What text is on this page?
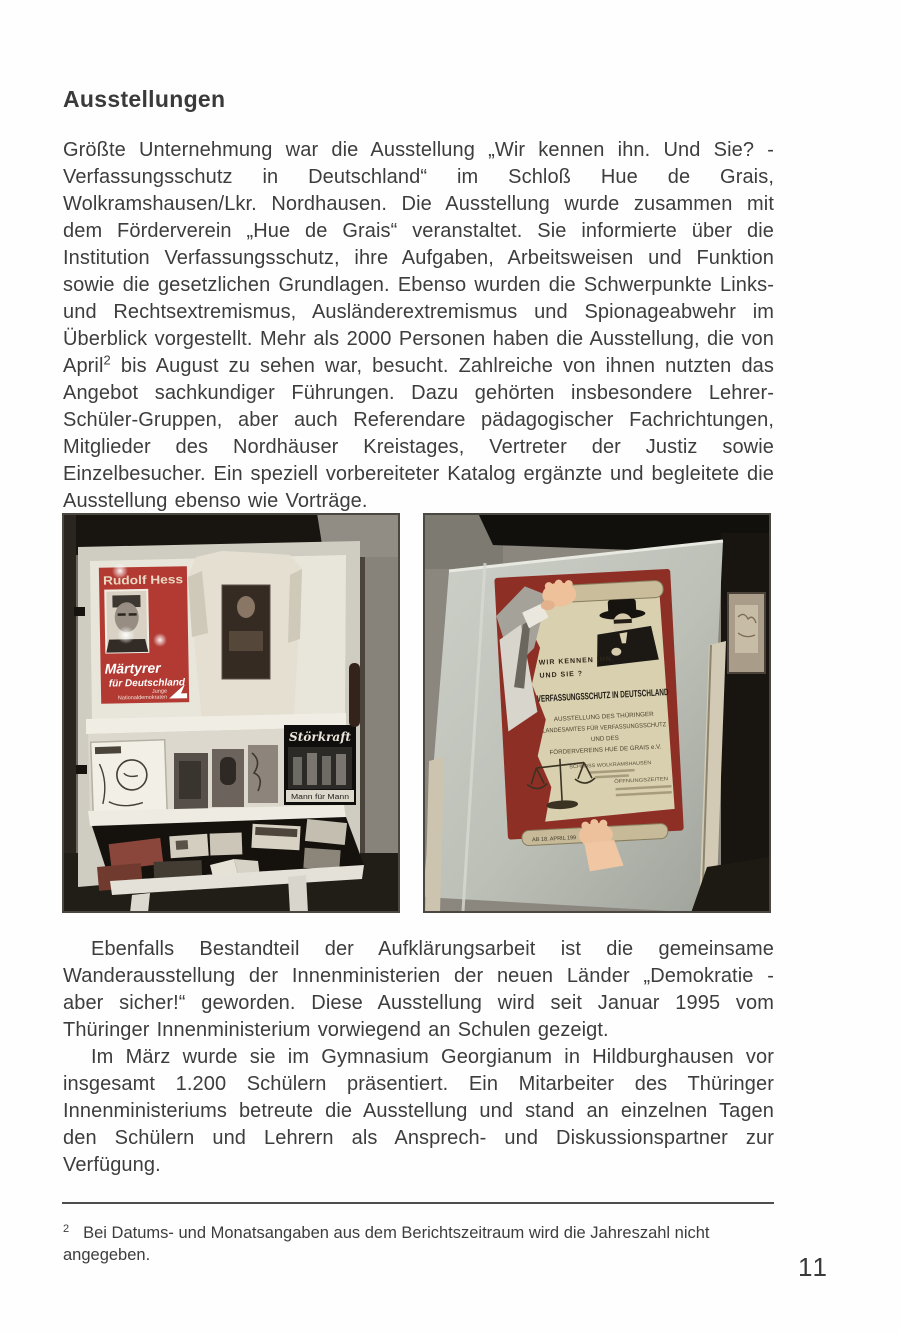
Ausstellungen

Größte Unternehmung war die Ausstellung „Wir kennen ihn. Und Sie? - Verfassungsschutz in Deutschland“ im Schloß Hue de Grais, Wolkramshausen/Lkr. Nordhausen. Die Ausstellung wurde zusammen mit dem Förderverein „Hue de Grais“ veranstaltet. Sie informierte über die Institution Verfassungsschutz, ihre Aufgaben, Arbeitsweisen und Funktion sowie die gesetzlichen Grundlagen. Ebenso wurden die Schwerpunkte Links- und Rechtsextremismus, Ausländerextremismus und Spionageabwehr im Überblick vorgestellt. Mehr als 2000 Personen haben die Ausstellung, die von April$^2$ bis August zu sehen war, besucht. Zahlreiche von ihnen nutzten das Angebot sachkundiger Führungen. Dazu gehörten insbesondere Lehrer-Schüler-Gruppen, aber auch Referendare pädagogischer Fachrichtungen, Mitglieder des Nordhäuser Kreistages, Vertreter der Justiz sowie Einzelbesucher. Ein speziell vorbereiteter Katalog ergänzte und begleitete die Ausstellung ebenso wie Vorträge.

Rudolf Hess
Märtyrer
für Deutschland
Junge
Nationaldemokraten
Störkraft
Mann für Mann
WIR KENNEN IHN.
UND SIE ?
VERFASSUNGSSCHUTZ IN DEUTSCHLAND
AUSSTELLUNG DES THÜRINGER
LANDESAMTES FÜR VERFASSUNGSSCHUTZ
UND DES
FÖRDERVEREINS HUE DE GRAIS e.V.
SCHLOSS WOLKRAMSHAUSEN
ÖFFNUNGSZEITEN
AB 18. APRIL 199

Ebenfalls Bestandteil der Aufklärungsarbeit ist die gemeinsame Wanderausstellung der Innenministerien der neuen Länder „Demokratie - aber sicher!“ geworden. Diese Ausstellung wird seit Januar 1995 vom Thüringer Innenministerium vorwiegend an Schulen gezeigt.

Im März wurde sie im Gymnasium Georgianum in Hildburghausen vor insgesamt 1.200 Schülern präsentiert. Ein Mitarbeiter des Thüringer Innenministeriums betreute die Ausstellung und stand an einzelnen Tagen den Schülern und Lehrern als Ansprech- und Diskussionspartner zur Verfügung.

$^2$ Bei Datums- und Monatsangaben aus dem Berichtszeitraum wird die Jahreszahl nicht angegeben.	11
